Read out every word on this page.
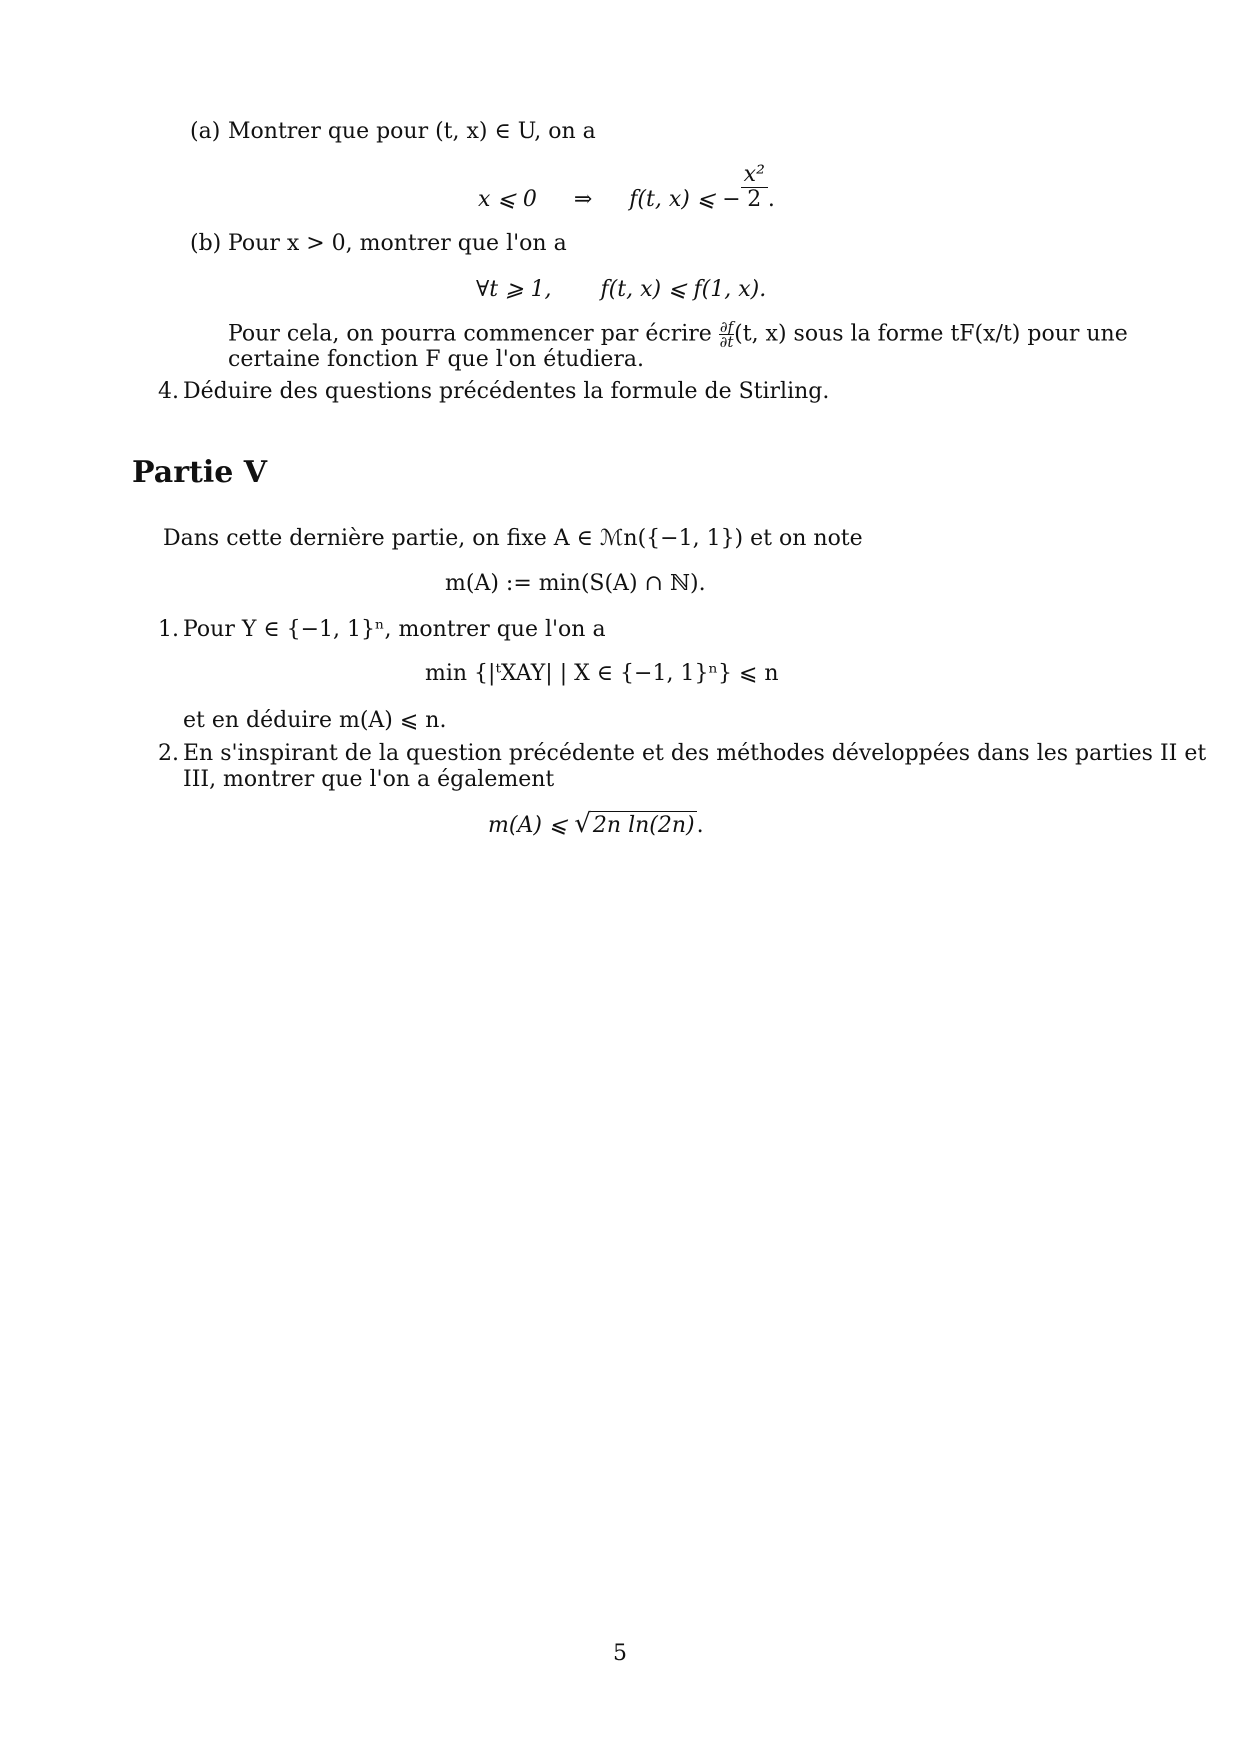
(a) Montrer que pour (t, x) ∈ U, on a
x ⩽ 0 ⇒ f(t, x) ⩽ − $\frac{\text{x²}}{2}$ .
(b) Pour x > 0, montrer que l'on a
∀t ⩾ 1, f(t, x) ⩽ f(1, x).
Pour cela, on pourra commencer par écrire $\frac{\partial f}{\partial t} (t$, x) sous la forme tF(x/t) pour une
certaine fonction F que l'on étudiera.
4. Déduire des questions précédentes la formule de Stirling.
Partie V
Dans cette dernière partie, on fixe A ∈ ℳn({−1, 1}) et on note
m(A) := min(S(A) ∩ ℕ).
1. Pour Y ∈ {−1, 1}ⁿ, montrer que l'on a
min {|ᵗXAY| | X ∈ {−1, 1}ⁿ} ⩽ n
et en déduire m(A) ⩽ n.
2. En s'inspirant de la question précédente et des méthodes développées dans les parties II et
III, montrer que l'on a également
m(A) ⩽ √2n ln(2n).
5
